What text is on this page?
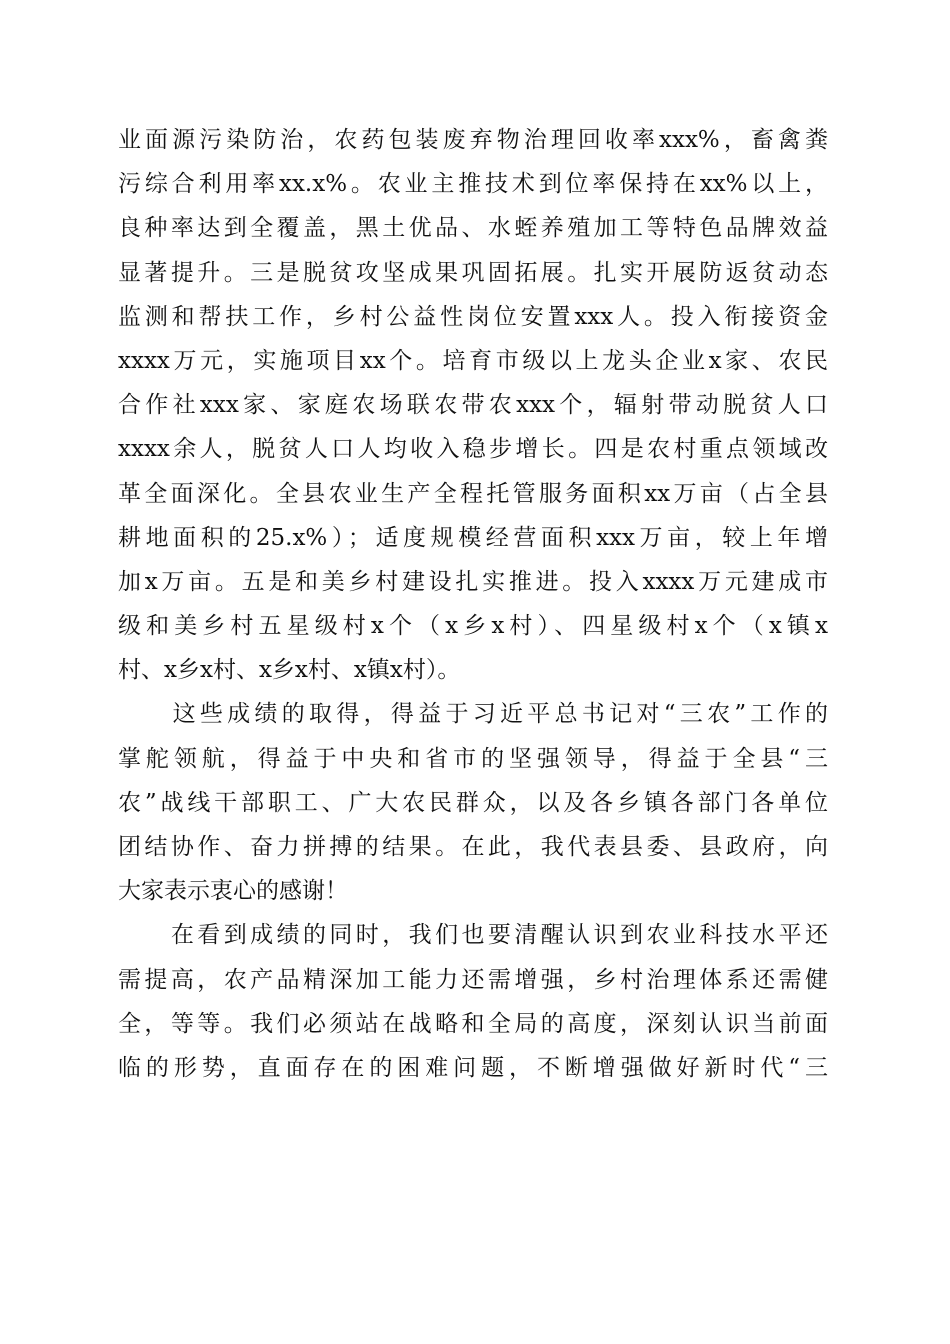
业面源污染防治，农药包装废弃物治理回收率xxx%，畜禽粪
污综合利用率xx.x%。农业主推技术到位率保持在xx%以上，
良种率达到全覆盖，黑土优品、水蛭养殖加工等特色品牌效益
显著提升。三是脱贫攻坚成果巩固拓展。扎实开展防返贫动态
监测和帮扶工作，乡村公益性岗位安置xxx人。投入衔接资金
xxxx万元，实施项目xx个。培育市级以上龙头企业x家、农民
合作社xxx家、家庭农场联农带农xxx个，辐射带动脱贫人口
xxxx余人，脱贫人口人均收入稳步增长。四是农村重点领域改
革全面深化。全县农业生产全程托管服务面积xx万亩（占全县
耕地面积的25.x%）；适度规模经营面积xxx万亩，较上年增
加x万亩。五是和美乡村建设扎实推进。投入xxxx万元建成市
级和美乡村五星级村x个（x乡x村）、四星级村x个（x镇x
村、x乡x村、x乡x村、x镇x村）。
　　这些成绩的取得，得益于习近平总书记对“三农”工作的
掌舵领航，得益于中央和省市的坚强领导，得益于全县“三
农”战线干部职工、广大农民群众，以及各乡镇各部门各单位
团结协作、奋力拼搏的结果。在此，我代表县委、县政府，向
大家表示衷心的感谢！
　　在看到成绩的同时，我们也要清醒认识到农业科技水平还
需提高，农产品精深加工能力还需增强，乡村治理体系还需健
全，等等。我们必须站在战略和全局的高度，深刻认识当前面
临的形势，直面存在的困难问题，不断增强做好新时代“三
